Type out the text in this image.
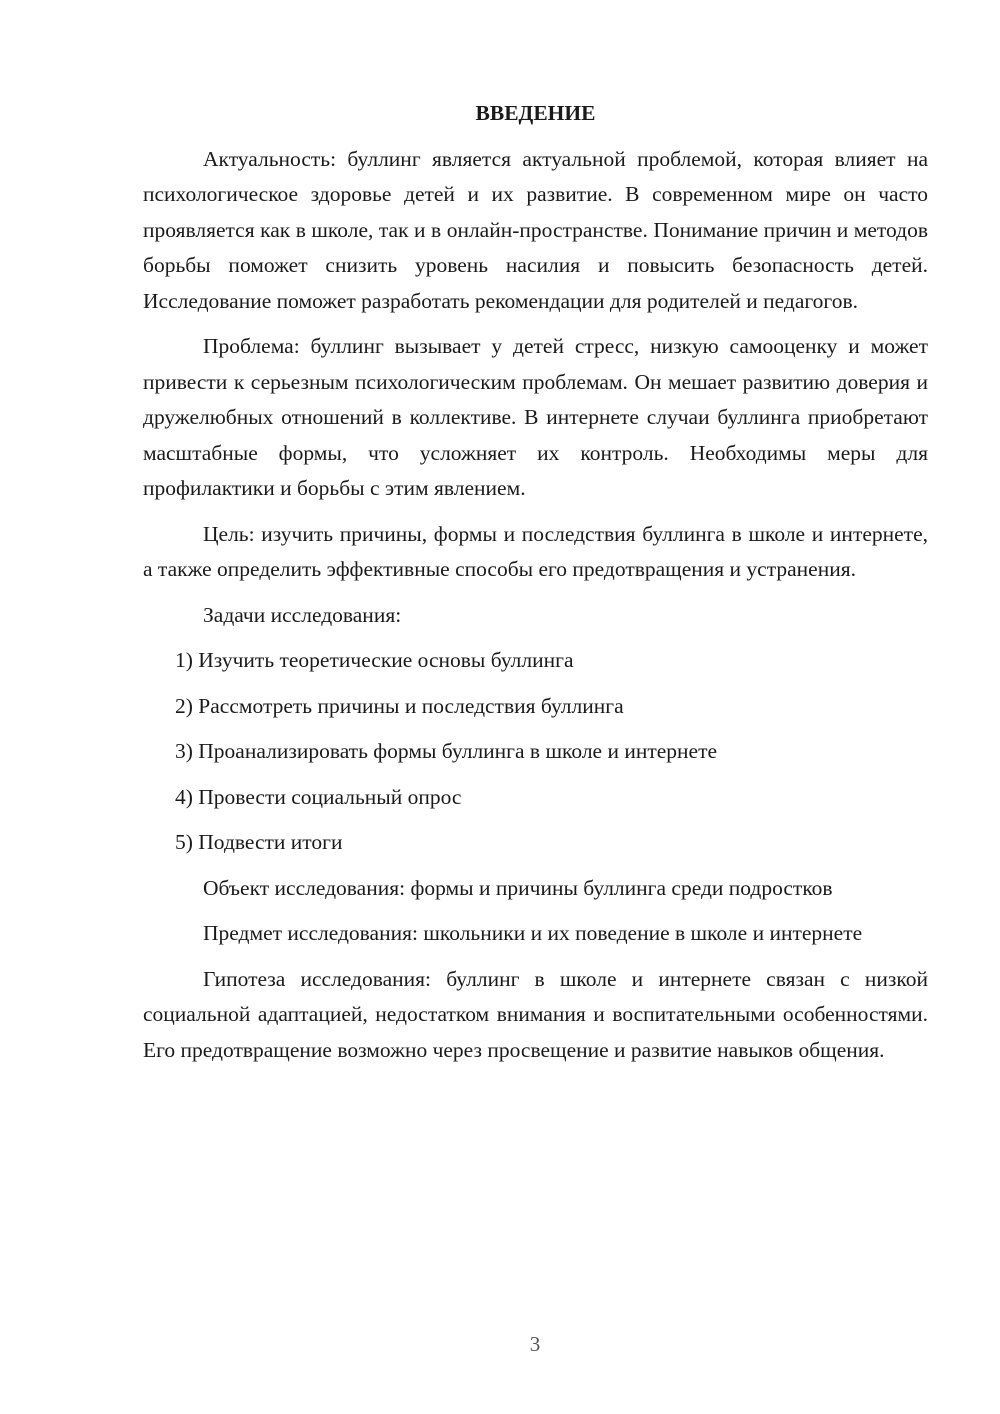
ВВЕДЕНИЕ

Актуальность: буллинг является актуальной проблемой, которая влияет на психологическое здоровье детей и их развитие. В современном мире он часто проявляется как в школе, так и в онлайн-пространстве. Понимание причин и методов борьбы поможет снизить уровень насилия и повысить безопасность детей. Исследование поможет разработать рекомендации для родителей и педагогов.

Проблема: буллинг вызывает у детей стресс, низкую самооценку и может привести к серьезным психологическим проблемам. Он мешает развитию доверия и дружелюбных отношений в коллективе. В интернете случаи буллинга приобретают масштабные формы, что усложняет их контроль. Необходимы меры для профилактики и борьбы с этим явлением.

Цель: изучить причины, формы и последствия буллинга в школе и интернете, а также определить эффективные способы его предотвращения и устранения.

Задачи исследования:

1) Изучить теоретические основы буллинга
2) Рассмотреть причины и последствия буллинга
3) Проанализировать формы буллинга в школе и интернете
4) Провести социальный опрос
5) Подвести итоги

Объект исследования: формы и причины буллинга среди подростков

Предмет исследования: школьники и их поведение в школе и интернете

Гипотеза исследования: буллинг в школе и интернете связан с низкой социальной адаптацией, недостатком внимания и воспитательными особенностями. Его предотвращение возможно через просвещение и развитие навыков общения.

3
